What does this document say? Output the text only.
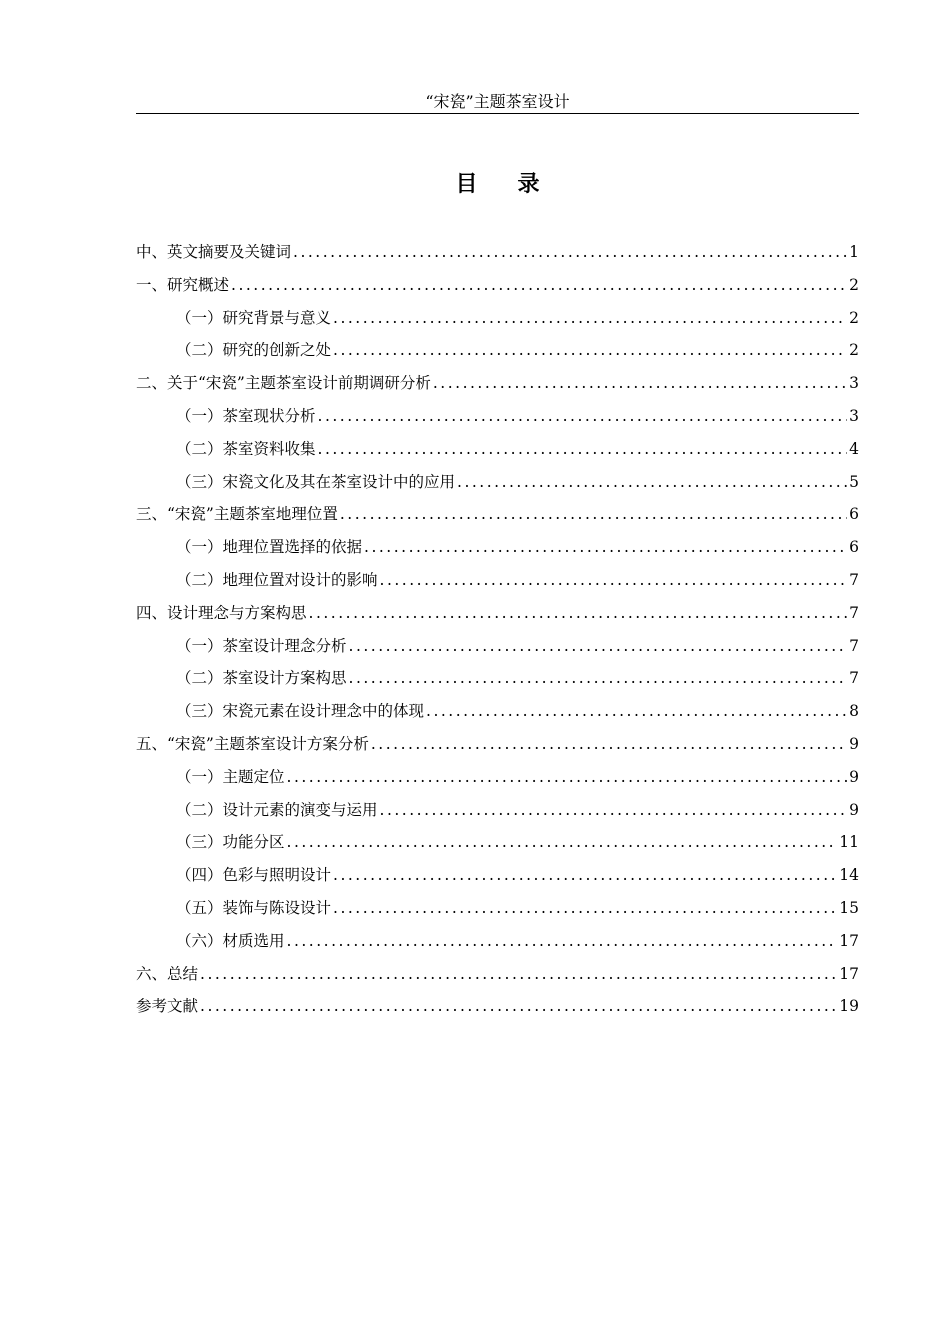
“宋瓷”主题茶室设计
目录
中、英文摘要及关键词 .....	1
一、研究概述 .....	2
（一）研究背景与意义 .....	2
（二）研究的创新之处 .....	2
二、关于“宋瓷”主题茶室设计前期调研分析 .....	3
（一）茶室现状分析 .....	3
（二）茶室资料收集 .....	4
（三）宋瓷文化及其在茶室设计中的应用 .....	5
三、“宋瓷”主题茶室地理位置 .....	6
（一）地理位置选择的依据 .....	6
（二）地理位置对设计的影响 .....	7
四、设计理念与方案构思 .....	7
（一）茶室设计理念分析 .....	7
（二）茶室设计方案构思 .....	7
（三）宋瓷元素在设计理念中的体现 .....	8
五、“宋瓷”主题茶室设计方案分析 .....	9
（一）主题定位 .....	9
（二）设计元素的演变与运用 .....	9
（三）功能分区 .....	11
（四）色彩与照明设计 .....	14
（五）装饰与陈设设计 .....	15
（六）材质选用 .....	17
六、总结 .....	17
参考文献 .....	19
